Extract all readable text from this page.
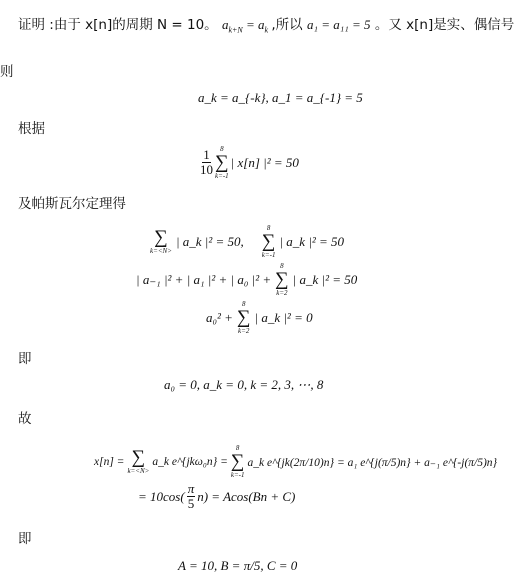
证明 :由于 x[n]的周期 N = 10。 $a_{k+N} = a_k$ ,所以 a₁ = a₁₁ = 5 。又 x[n]是实、偶信号
则
a_k = a_{-k}, a_1 = a_{-1} = 5
根据
$\frac{1}{10} 8$
∑
k=-1
| x[n] |² = 50
及帕斯瓦尔定理得
∑
k=<N>
| a_k |² = 50,
8
∑
k=-1
| a_k |² = 50
| a₋₁ |² + | a₁ |² + | a₀ |² +
8
∑
k=2
| a_k |² = 50
a₀² +
8
∑
k=2
| a_k |² = 0
即
a₀ = 0, a_k = 0, k = 2, 3, ⋯, 8
故
x[n] = ∑
k=<N>
a_k e^{jkω₀n} =
8
∑
k=-1
a_k e^{jk(2π/10)n} = a₁ e^{j(π/5)n} + a₋₁ e^{-j(π/5)n}
= $10\cos( \frac{\pi}{5} n) = Acos(Bn + C)$
即
A = 10, B = π/5, C = 0
